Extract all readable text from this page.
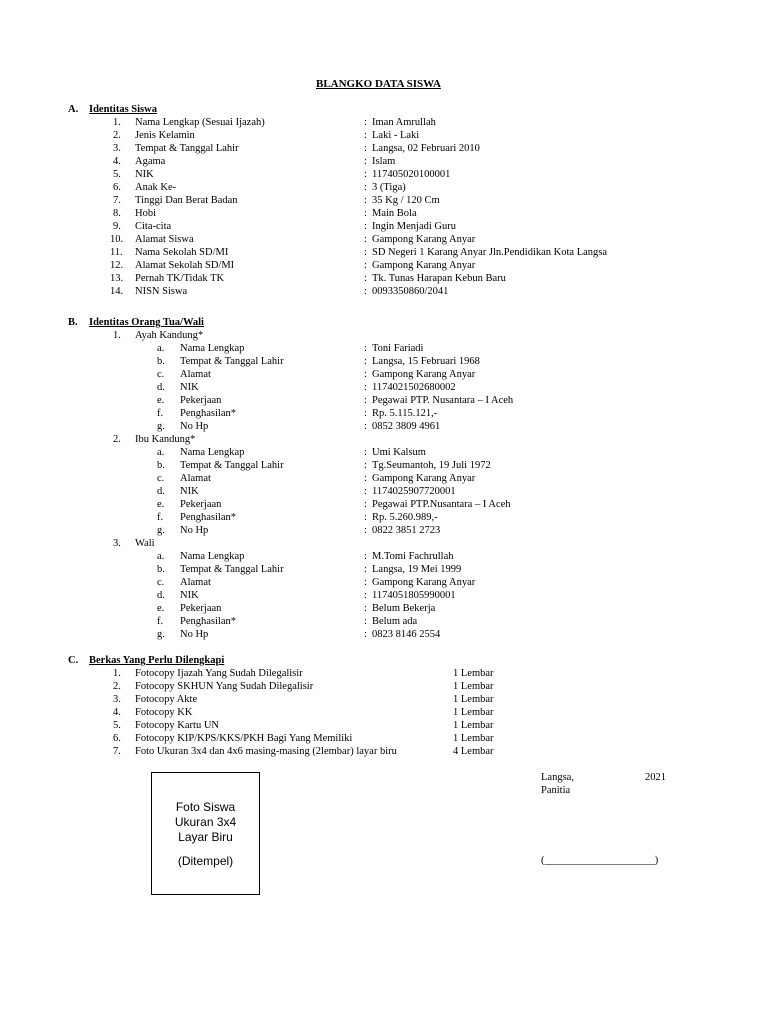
BLANGKO DATA SISWA
A. Identitas Siswa
1. Nama Lengkap (Sesuai Ijazah)	: Iman Amrullah
2. Jenis Kelamin	: Laki - Laki
3. Tempat & Tanggal Lahir	: Langsa, 02 Februari 2010
4. Agama	: Islam
5. NIK	: 117405020100001
6. Anak Ke-	: 3 (Tiga)
7. Tinggi Dan Berat Badan	: 35 Kg / 120 Cm
8. Hobi	: Main Bola
9. Cita-cita	: Ingin Menjadi Guru
10. Alamat Siswa	: Gampong Karang Anyar
11. Nama Sekolah SD/MI	: SD Negeri 1 Karang Anyar Jln.Pendidikan Kota Langsa
12. Alamat Sekolah SD/MI	: Gampong Karang Anyar
13. Pernah TK/Tidak TK	: Tk. Tunas Harapan Kebun Baru
14. NISN Siswa	: 0093350860/2041
B. Identitas Orang Tua/Wali
1. Ayah Kandung*
a. Nama Lengkap	: Toni Fariadi
b. Tempat & Tanggal Lahir	: Langsa, 15 Februari 1968
c. Alamat	: Gampong Karang Anyar
d. NIK	: 1174021502680002
e. Pekerjaan	: Pegawai PTP. Nusantara – I Aceh
f. Penghasilan*	: Rp. 5.115.121,-
g. No Hp	: 0852 3809 4961
2. Ibu Kandung*
a. Nama Lengkap	: Umi Kalsum
b. Tempat & Tanggal Lahir	: Tg.Seumantoh, 19 Juli 1972
c. Alamat	: Gampong Karang Anyar
d. NIK	: 1174025907720001
e. Pekerjaan	: Pegawai PTP.Nusantara – I Aceh
f. Penghasilan*	: Rp. 5.260.989,-
g. No Hp	: 0822 3851 2723
3. Wali
a. Nama Lengkap	: M.Tomi Fachrullah
b. Tempat & Tanggal Lahir	: Langsa, 19 Mei 1999
c. Alamat	: Gampong Karang Anyar
d. NIK	: 1174051805990001
e. Pekerjaan	: Belum Bekerja
f. Penghasilan*	: Belum ada
g. No Hp	: 0823 8146 2554
C. Berkas Yang Perlu Dilengkapi
1. Fotocopy Ijazah Yang Sudah Dilegalisir	1 Lembar
2. Fotocopy SKHUN Yang Sudah Dilegalisir	1 Lembar
3. Fotocopy Akte	1 Lembar
4. Fotocopy KK	1 Lembar
5. Fotocopy Kartu UN	1 Lembar
6. Fotocopy KIP/KPS/KKS/PKH Bagi Yang Memiliki	1 Lembar
7. Foto Ukuran 3x4 dan 4x6 masing-masing (2lembar) layar biru	4 Lembar
Foto Siswa
Ukuran 3x4
Layar Biru
(Ditempel)
Langsa,	2021
Panitia
(_____________________)
